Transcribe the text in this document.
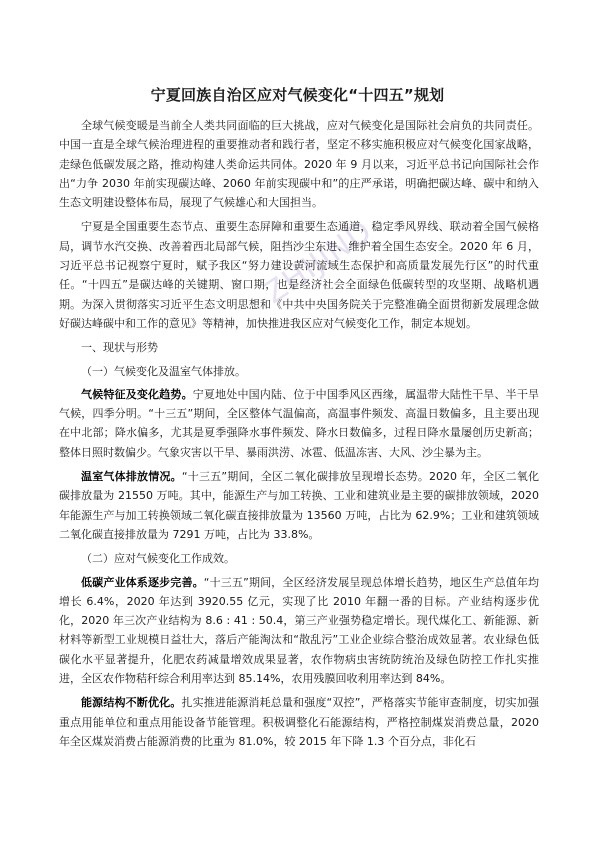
宁夏回族自治区应对气候变化“十四五”规划
ZHIJIND

全球气候变暖是当前全人类共同面临的巨大挑战，应对气候变化是国际社会肩负的共同责任。中国一直是全球气候治理进程的重要推动者和践行者，坚定不移实施积极应对气候变化国家战略，走绿色低碳发展之路，推动构建人类命运共同体。2020 年 9 月以来，习近平总书记向国际社会作出“力争 2030 年前实现碳达峰、2060 年前实现碳中和”的庄严承诺，明确把碳达峰、碳中和纳入生态文明建设整体布局，展现了气候雄心和大国担当。

宁夏是全国重要生态节点、重要生态屏障和重要生态通道，稳定季风界线、联动着全国气候格局，调节水汽交换、改善着西北局部气候，阻挡沙尘东进、维护着全国生态安全。2020 年 6 月，习近平总书记视察宁夏时，赋予我区“努力建设黄河流域生态保护和高质量发展先行区”的时代重任。“十四五”是碳达峰的关键期、窗口期，也是经济社会全面绿色低碳转型的攻坚期、战略机遇期。为深入贯彻落实习近平生态文明思想和《中共中央国务院关于完整准确全面贯彻新发展理念做好碳达峰碳中和工作的意见》等精神，加快推进我区应对气候变化工作，制定本规划。

一、现状与形势

（一）气候变化及温室气体排放。

气候特征及变化趋势。宁夏地处中国内陆、位于中国季风区西缘，属温带大陆性干旱、半干旱气候，四季分明。“十三五”期间，全区整体气温偏高，高温事件频发、高温日数偏多，且主要出现在中北部；降水偏多，尤其是夏季强降水事件频发、降水日数偏多，过程日降水量屡创历史新高；整体日照时数偏少。气象灾害以干旱、暴雨洪涝、冰雹、低温冻害、大风、沙尘暴为主。

温室气体排放情况。“十三五”期间，全区二氧化碳排放呈现增长态势。2020 年，全区二氧化碳排放量为 21550 万吨。其中，能源生产与加工转换、工业和建筑业是主要的碳排放领域，2020 年能源生产与加工转换领域二氧化碳直接排放量为 13560 万吨，占比为 62.9%；工业和建筑领域二氧化碳直接排放量为 7291 万吨，占比为 33.8%。

（二）应对气候变化工作成效。

低碳产业体系逐步完善。“十三五”期间，全区经济发展呈现总体增长趋势，地区生产总值年均增长 6.4%，2020 年达到 3920.55 亿元，实现了比 2010 年翻一番的目标。产业结构逐步优化，2020 年三次产业结构为 8.6 : 41 : 50.4，第三产业强势稳定增长。现代煤化工、新能源、新材料等新型工业规模日益壮大，落后产能淘汰和“散乱污”工业企业综合整治成效显著。农业绿色低碳化水平显著提升，化肥农药减量增效成果显著，农作物病虫害统防统治及绿色防控工作扎实推进，全区农作物秸秆综合利用率达到 85.14%，农用残膜回收利用率达到 84%。

能源结构不断优化。扎实推进能源消耗总量和强度“双控”，严格落实节能审查制度，切实加强重点用能单位和重点用能设备节能管理。积极调整化石能源结构，严格控制煤炭消费总量，2020 年全区煤炭消费占能源消费的比重为 81.0%，较 2015 年下降 1.3 个百分点，非化石
